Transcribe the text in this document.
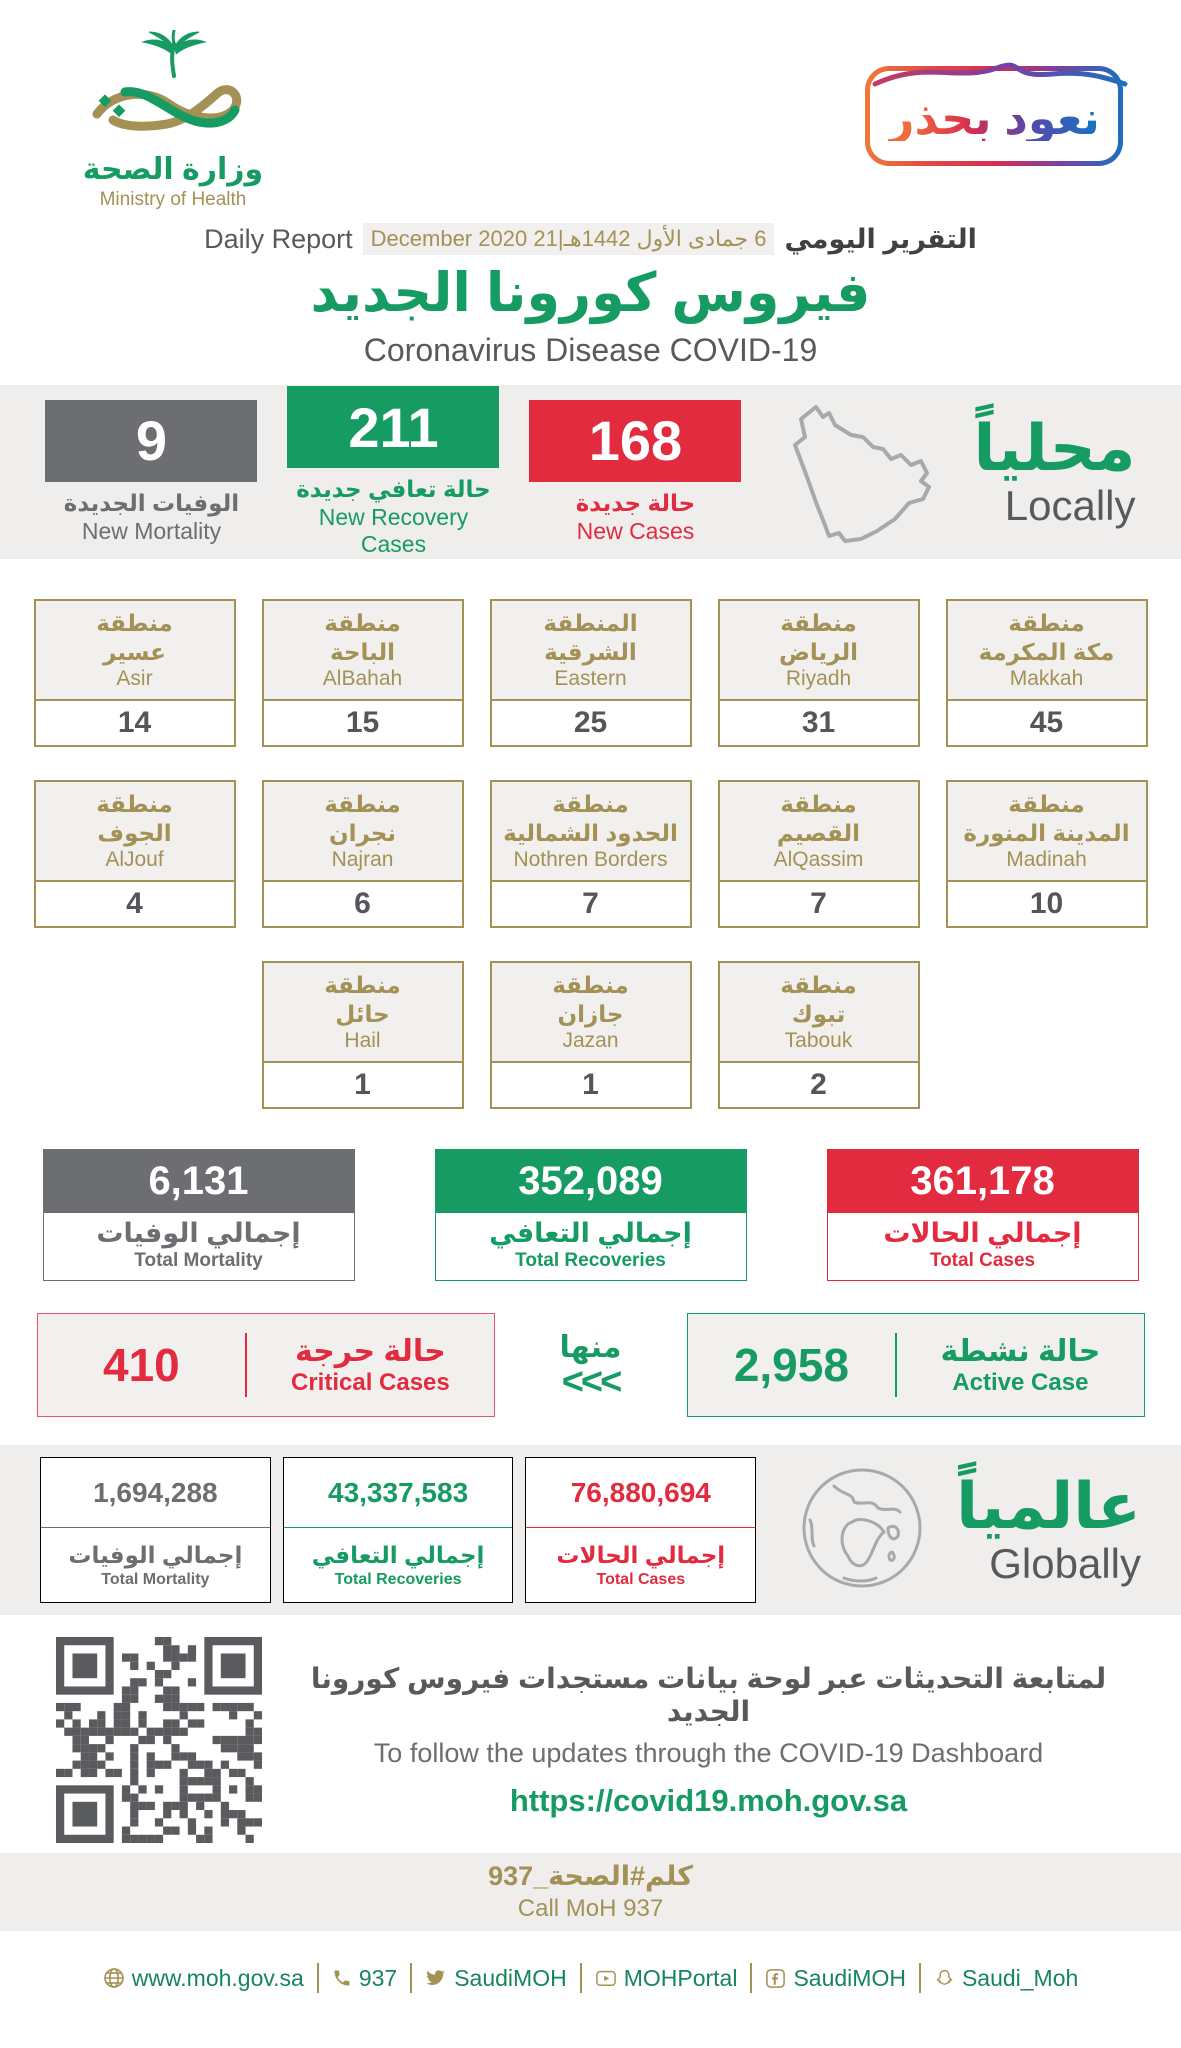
وزارة الصحة
Ministry of Health
نعود بحذر
Daily Report 6 جمادى الأول 1442هـ|21 December 2020 التقرير اليومي
فيروس كورونا الجديد
Coronavirus Disease COVID-19
9
الوفيات الجديدة
New Mortality
211
حالة تعافي جديدة
New Recovery Cases
168
حالة جديدة
New Cases
محلياً
Locally
منطقة
عسير
Asir
14
منطقة
الباحة
AlBahah
15
المنطقة
الشرقية
Eastern
25
منطقة
الرياض
Riyadh
31
منطقة
مكة المكرمة
Makkah
45
منطقة
الجوف
AlJouf
4
منطقة
نجران
Najran
6
منطقة
الحدود الشمالية
Nothren Borders
7
منطقة
القصيم
AlQassim
7
منطقة
المدينة المنورة
Madinah
10
منطقة
حائل
Hail
1
منطقة
جازان
Jazan
1
منطقة
تبوك
Tabouk
2
6,131
إجمالي الوفيات
Total Mortality
352,089
إجمالي التعافي
Total Recoveries
361,178
إجمالي الحالات
Total Cases
410	حالة حرجة
Critical Cases
منها
<<<	2,958	حالة نشطة
Active Case
1,694,288
إجمالي الوفيات
Total Mortality
43,337,583
إجمالي التعافي
Total Recoveries
76,880,694
إجمالي الحالات
Total Cases
عالمياً
Globally
لمتابعة التحديثات عبر لوحة بيانات مستجدات فيروس كورونا الجديد
To follow the updates through the COVID-19 Dashboard
https://covid19.moh.gov.sa
كلم#الصحة_937
Call MoH 937
www.moh.gov.sa 937 SaudiMOH MOHPortal SaudiMOH Saudi_Moh
